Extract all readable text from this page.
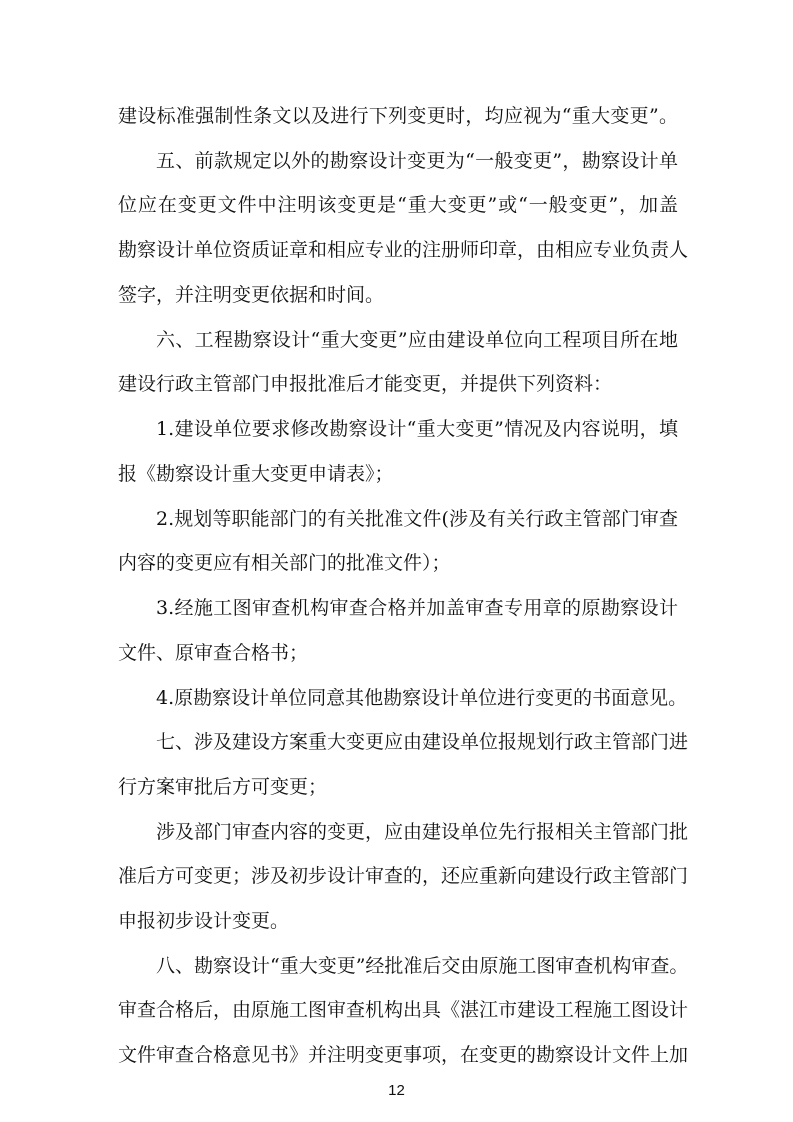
建设标准强制性条文以及进行下列变更时，均应视为“重大变更”。
五、前款规定以外的勘察设计变更为“一般变更”，勘察设计单
位应在变更文件中注明该变更是“重大变更”或“一般变更”，加盖
勘察设计单位资质证章和相应专业的注册师印章，由相应专业负责人
签字，并注明变更依据和时间。
六、工程勘察设计“重大变更”应由建设单位向工程项目所在地
建设行政主管部门申报批准后才能变更，并提供下列资料：
1.建设单位要求修改勘察设计“重大变更”情况及内容说明，填
报《勘察设计重大变更申请表》；
2.规划等职能部门的有关批准文件(涉及有关行政主管部门审查
内容的变更应有相关部门的批准文件）；
3.经施工图审查机构审查合格并加盖审查专用章的原勘察设计
文件、原审查合格书；
4.原勘察设计单位同意其他勘察设计单位进行变更的书面意见。
七、涉及建设方案重大变更应由建设单位报规划行政主管部门进
行方案审批后方可变更；
涉及部门审查内容的变更，应由建设单位先行报相关主管部门批
准后方可变更；涉及初步设计审查的，还应重新向建设行政主管部门
申报初步设计变更。
八、勘察设计“重大变更”经批准后交由原施工图审查机构审查。
审查合格后，由原施工图审查机构出具《湛江市建设工程施工图设计
文件审查合格意见书》并注明变更事项，在变更的勘察设计文件上加
12
